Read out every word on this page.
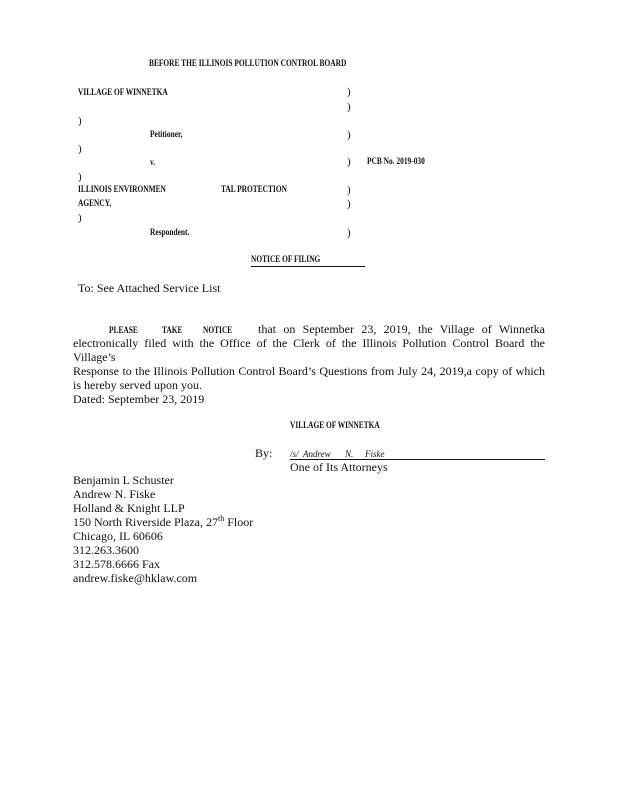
BEFORE THE ILLINOIS POLLUTION CONTROL BOARD
VILLAGE OF WINNETKA	)
)
)
Petitioner,	)
)
v.	) PCB No. 2019-030
)
ILLINOIS ENVIRONMEN	TAL PROTECTION	)
AGENCY,	)
)
Respondent.	)
NOTICE OF FILING
To: See Attached Service List
PLEASE	TAKE NOTICE that on September 23, 2019, the Village of Winnetka
electronically filed with the Office of the Clerk of the Illinois Pollution Control Board the Village’s
Response to the Illinois Pollution Control Board’s Questions from July 24, 2019,a copy of which
is hereby served upon you.
Dated: September 23, 2019
VILLAGE OF WINNETKA
By: /s/ Andrew N. Fiske
One of Its Attorneys
Benjamin L Schuster
Andrew N. Fiske
Holland & Knight LLP
150 North Riverside Plaza, 27th Floor
Chicago, IL 60606
312.263.3600
312.578.6666 Fax
andrew.fiske@hklaw.com
